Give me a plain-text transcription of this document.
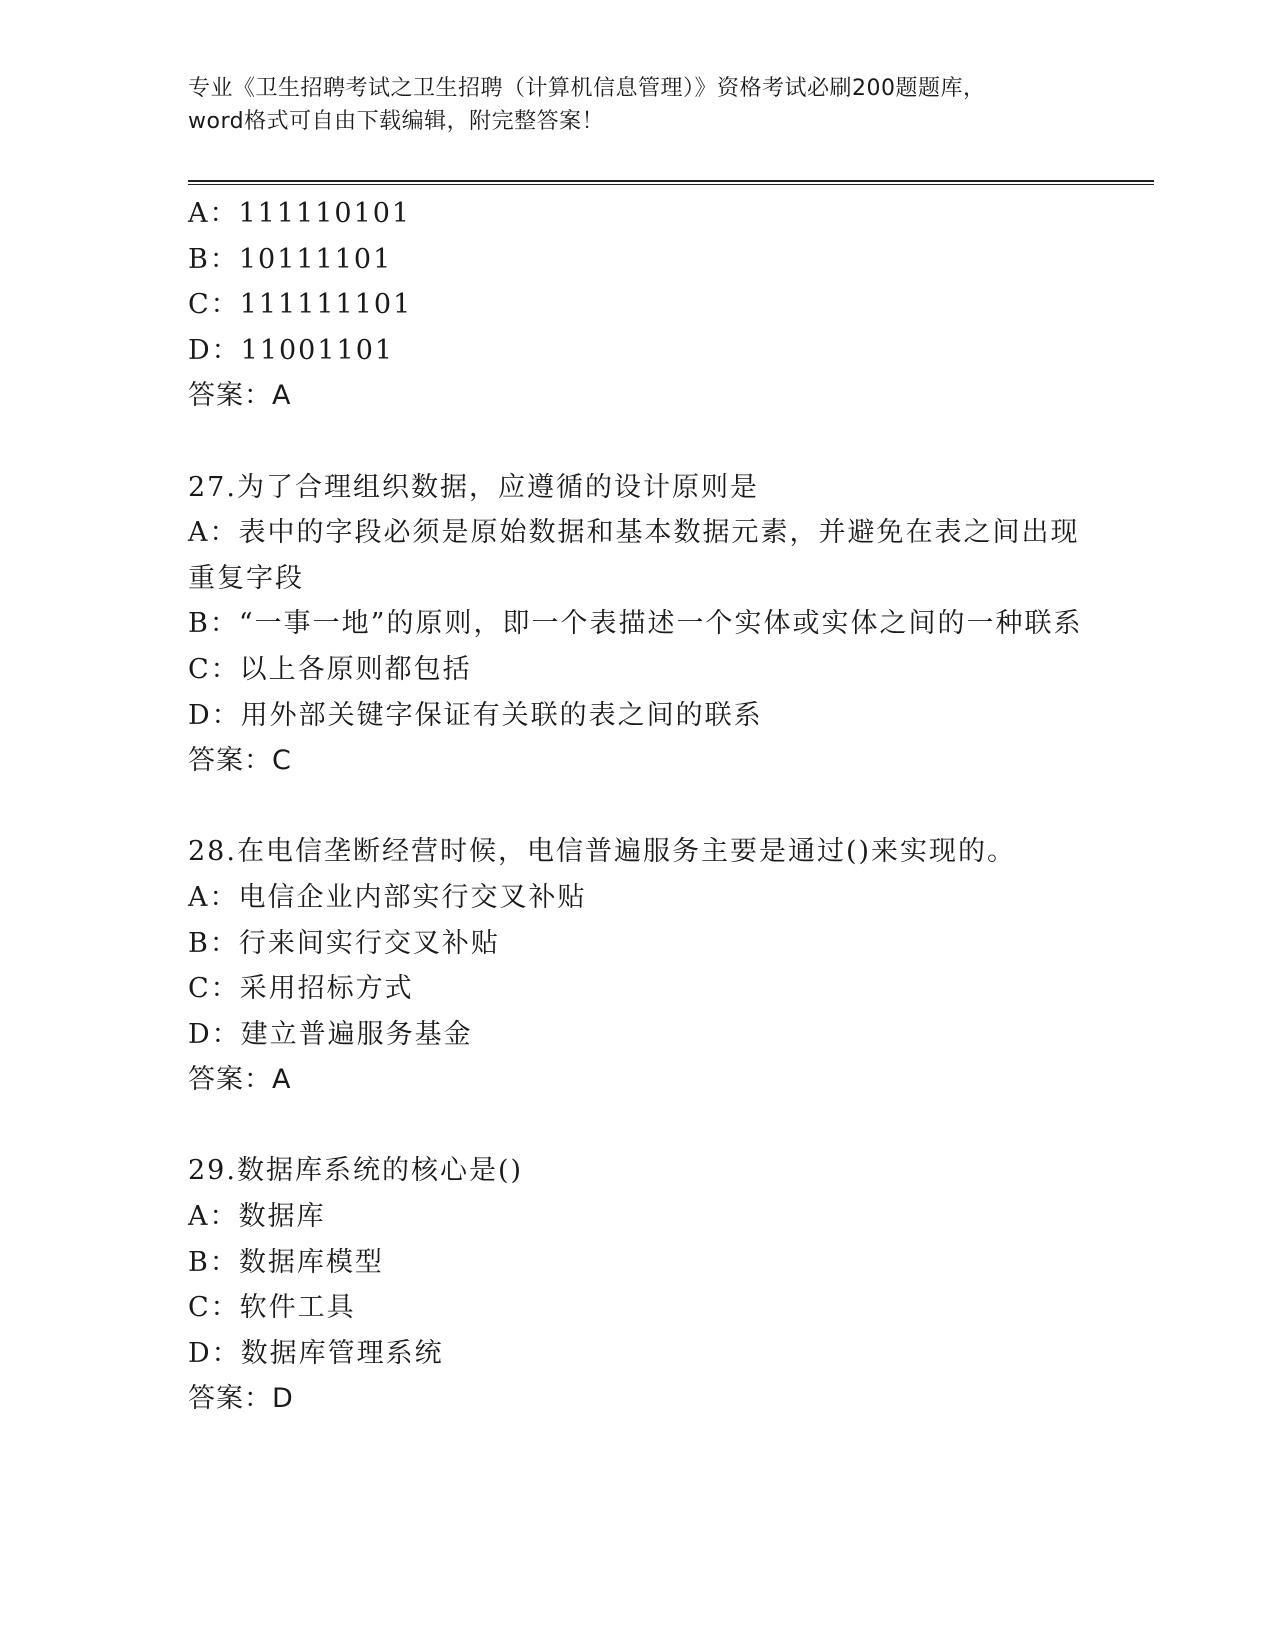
专业《卫生招聘考试之卫生招聘（计算机信息管理）》资格考试必刷200题题库，
word格式可自由下载编辑，附完整答案！
A：111110101
B：10111101
C：111111101
D：11001101
答案：A
27.为了合理组织数据，应遵循的设计原则是
A：表中的字段必须是原始数据和基本数据元素，并避免在表之间出现重复字段
B：“一事一地”的原则，即一个表描述一个实体或实体之间的一种联系
C：以上各原则都包括
D：用外部关键字保证有关联的表之间的联系
答案：C
28.在电信垄断经营时候，电信普遍服务主要是通过()来实现的。
A：电信企业内部实行交叉补贴
B：行来间实行交叉补贴
C：采用招标方式
D：建立普遍服务基金
答案：A
29.数据库系统的核心是()
A：数据库
B：数据库模型
C：软件工具
D：数据库管理系统
答案：D
